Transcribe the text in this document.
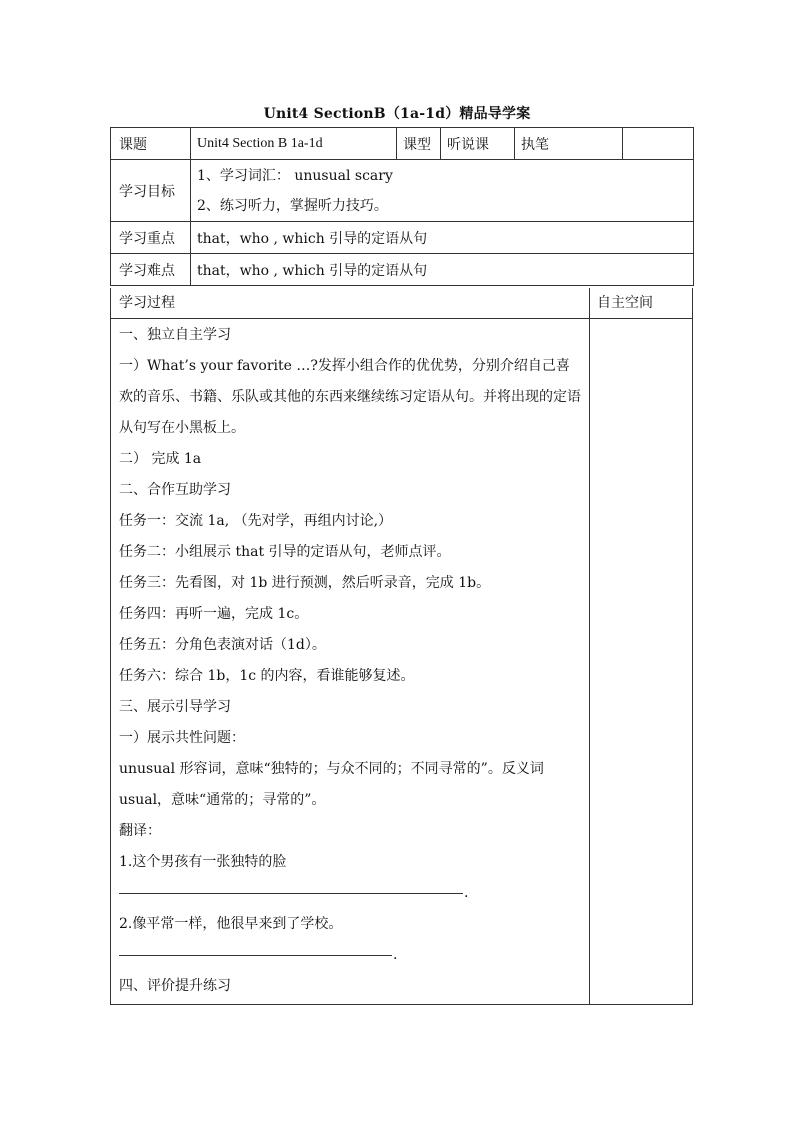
Unit4 SectionB（1a-1d）精品导学案
课题	Unit4 Section B 1a-1d	课型	听说课	执笔	
学习目标	1、学习词汇： unusual scary
2、练习听力，掌握听力技巧。				

学习重点	that，who , which 引导的定语从句				
学习难点	that，who , which 引导的定语从句				
学习过程	自主空间

一、独立自主学习

一）What’s your favorite …?发挥小组合作的优优势，分别介绍自己喜欢的音乐、书籍、乐队或其他的东西来继续练习定语从句。并将出现的定语从句写在小黑板上。

二） 完成 1a

二、合作互助学习

任务一：交流 1a, （先对学，再组内讨论,）

任务二：小组展示 that 引导的定语从句，老师点评。

任务三：先看图，对 1b 进行预测，然后听录音，完成 1b。

任务四：再听一遍，完成 1c。

任务五：分角色表演对话（1d）。

任务六：综合 1b，1c 的内容，看谁能够复述。

三、展示引导学习

一）展示共性问题：

unusual 形容词，意味“独特的；与众不同的；不同寻常的”。反义词 usual，意味“通常的；寻常的”。

翻译：

1.这个男孩有一张独特的脸

.

2.像平常一样，他很早来到了学校。

.

四、评价提升练习
